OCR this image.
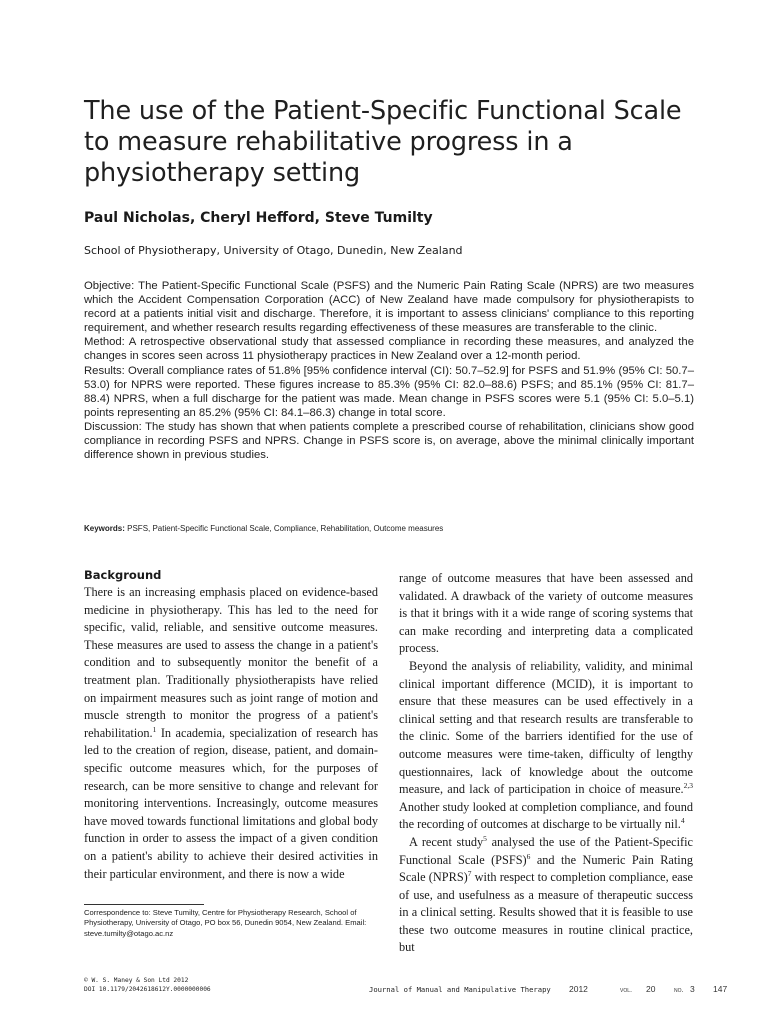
The use of the Patient-Specific Functional Scale to measure rehabilitative progress in a physiotherapy setting
Paul Nicholas, Cheryl Hefford, Steve Tumilty
School of Physiotherapy, University of Otago, Dunedin, New Zealand

Objective: The Patient-Specific Functional Scale (PSFS) and the Numeric Pain Rating Scale (NPRS) are two measures which the Accident Compensation Corporation (ACC) of New Zealand have made compulsory for physiotherapists to record at a patients initial visit and discharge. Therefore, it is important to assess clinicians' compliance to this reporting requirement, and whether research results regarding effectiveness of these measures are transferable to the clinic.

Method: A retrospective observational study that assessed compliance in recording these measures, and analyzed the changes in scores seen across 11 physiotherapy practices in New Zealand over a 12-month period.

Results: Overall compliance rates of 51.8% [95% confidence interval (CI): 50.7–52.9] for PSFS and 51.9% (95% CI: 50.7–53.0) for NPRS were reported. These figures increase to 85.3% (95% CI: 82.0–88.6) PSFS; and 85.1% (95% CI: 81.7–88.4) NPRS, when a full discharge for the patient was made. Mean change in PSFS scores were 5.1 (95% CI: 5.0–5.1) points representing an 85.2% (95% CI: 84.1–86.3) change in total score.

Discussion: The study has shown that when patients complete a prescribed course of rehabilitation, clinicians show good compliance in recording PSFS and NPRS. Change in PSFS score is, on average, above the minimal clinically important difference shown in previous studies.

Keywords: PSFS, Patient-Specific Functional Scale, Compliance, Rehabilitation, Outcome measures
Background

There is an increasing emphasis placed on evidence-based medicine in physiotherapy. This has led to the need for specific, valid, reliable, and sensitive outcome measures. These measures are used to assess the change in a patient's condition and to subsequently monitor the benefit of a treatment plan. Traditionally physiotherapists have relied on impairment measures such as joint range of motion and muscle strength to monitor the progress of a patient's rehabilitation.$^1$ In academia, specialization of research has led to the creation of region, disease, patient, and domain-specific outcome measures which, for the purposes of research, can be more sensitive to change and relevant for monitoring interventions. Increasingly, outcome measures have moved towards functional limitations and global body function in order to assess the impact of a given condition on a patient's ability to achieve their desired activities in their particular environment, and there is now a wide

range of outcome measures that have been assessed and validated. A drawback of the variety of outcome measures is that it brings with it a wide range of scoring systems that can make recording and interpreting data a complicated process.

Beyond the analysis of reliability, validity, and minimal clinical important difference (MCID), it is important to ensure that these measures can be used effectively in a clinical setting and that research results are transferable to the clinic. Some of the barriers identified for the use of outcome measures were time-taken, difficulty of lengthy questionnaires, lack of knowledge about the outcome measure, and lack of participation in choice of measure.$^{2,3}$ Another study looked at completion compliance, and found the recording of outcomes at discharge to be virtually nil.$^4$

A recent study$^5$ analysed the use of the Patient-Specific Functional Scale (PSFS)$^6$ and the Numeric Pain Rating Scale (NPRS)$^7$ with respect to completion compliance, ease of use, and usefulness as a measure of therapeutic success in a clinical setting. Results showed that it is feasible to use these two outcome measures in routine clinical practice, but

Correspondence to: Steve Tumilty, Centre for Physiotherapy Research, School of Physiotherapy, University of Otago, PO box 56, Dunedin 9054, New Zealand. Email: steve.tumilty@otago.ac.nz
© W. S. Maney & Son Ltd 2012
DOI 10.1179/2042618612Y.0000000006	Journal of Manual and Manipulative Therapy 2012	vol. 20 no. 3 147
